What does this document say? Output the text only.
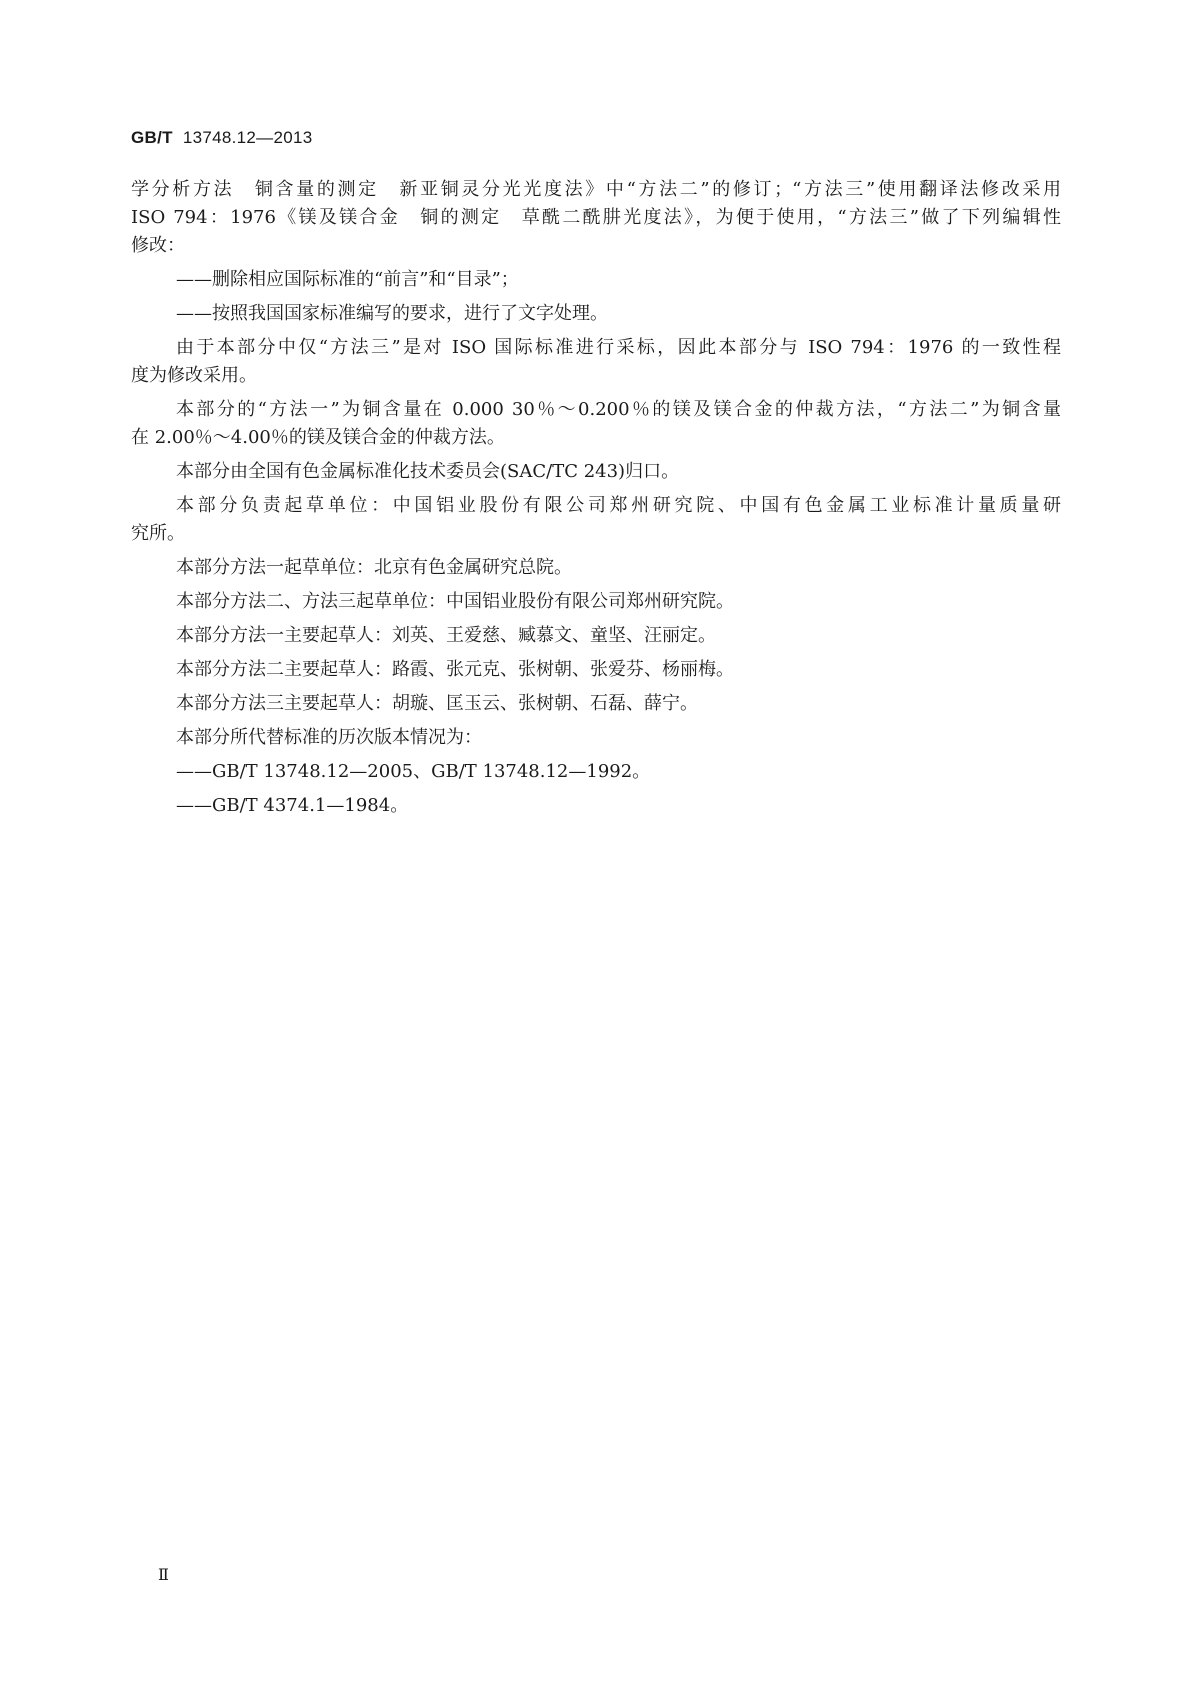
GB/T 13748.12—2013
学分析方法　铜含量的测定　新亚铜灵分光光度法》中“方法二”的修订；“方法三”使用翻译法修改采用
ISO 794：1976《镁及镁合金　铜的测定　草酰二酰肼光度法》，为便于使用，“方法三”做了下列编辑性
修改：
——删除相应国际标准的“前言”和“目录”；
——按照我国国家标准编写的要求，进行了文字处理。
由于本部分中仅“方法三”是对 ISO 国际标准进行采标，因此本部分与 ISO 794：1976 的一致性程
度为修改采用。
本部分的“方法一”为铜含量在 0.000 30％～0.200％的镁及镁合金的仲裁方法，“方法二”为铜含量
在 2.00％～4.00％的镁及镁合金的仲裁方法。
本部分由全国有色金属标准化技术委员会(SAC/TC 243)归口。
本部分负责起草单位：中国铝业股份有限公司郑州研究院、中国有色金属工业标准计量质量研
究所。
本部分方法一起草单位：北京有色金属研究总院。
本部分方法二、方法三起草单位：中国铝业股份有限公司郑州研究院。
本部分方法一主要起草人：刘英、王爱慈、臧慕文、童坚、汪丽定。
本部分方法二主要起草人：路霞、张元克、张树朝、张爱芬、杨丽梅。
本部分方法三主要起草人：胡璇、匡玉云、张树朝、石磊、薛宁。
本部分所代替标准的历次版本情况为：
——GB/T 13748.12—2005、GB/T 13748.12—1992。
——GB/T 4374.1—1984。
Ⅱ
